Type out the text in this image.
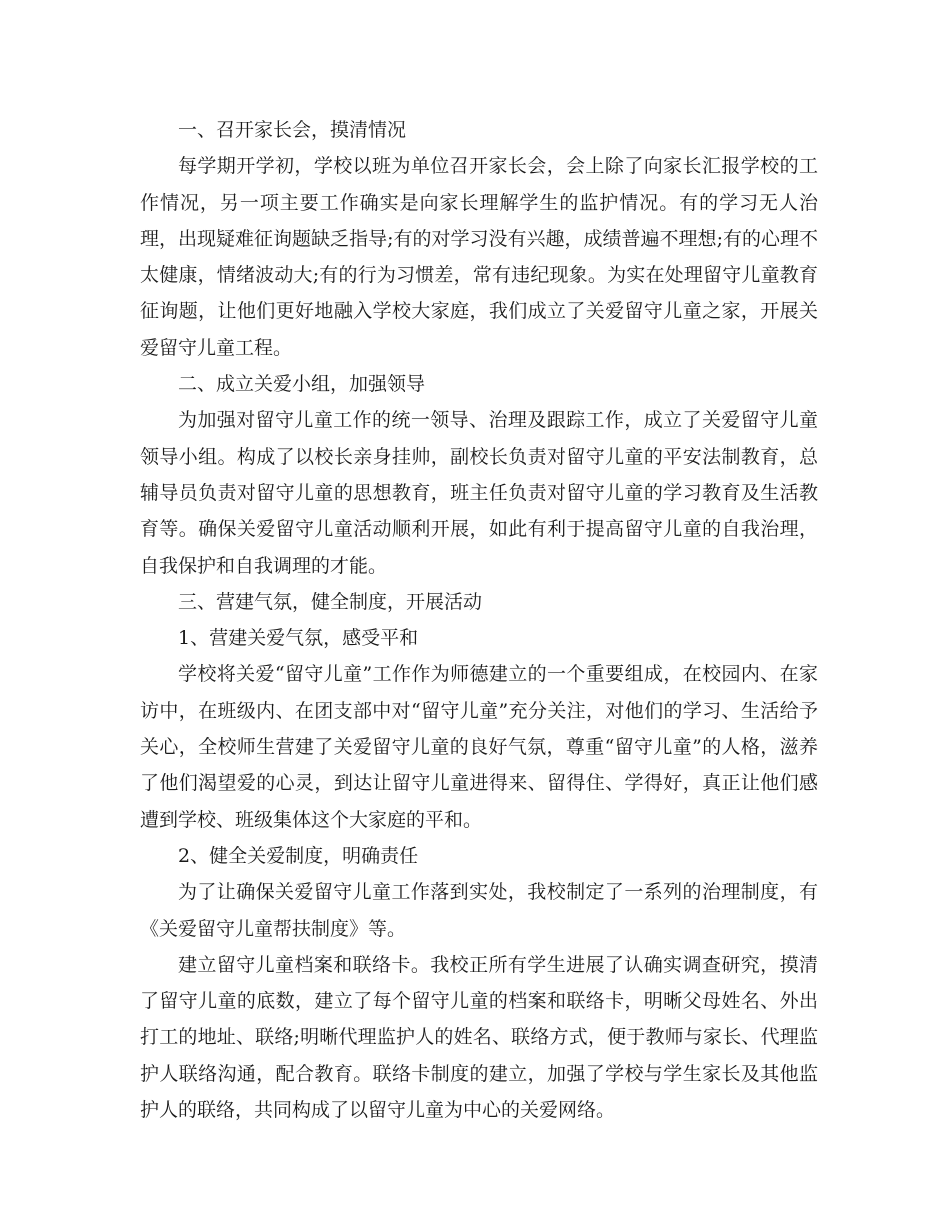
一、召开家长会，摸清情况

每学期开学初，学校以班为单位召开家长会，会上除了向家长汇报学校的工作情况，另一项主要工作确实是向家长理解学生的监护情况。有的学习无人治理，出现疑难征询题缺乏指导;有的对学习没有兴趣，成绩普遍不理想;有的心理不太健康，情绪波动大;有的行为习惯差，常有违纪现象。为实在处理留守儿童教育征询题，让他们更好地融入学校大家庭，我们成立了关爱留守儿童之家，开展关爱留守儿童工程。

二、成立关爱小组，加强领导

为加强对留守儿童工作的统一领导、治理及跟踪工作，成立了关爱留守儿童领导小组。构成了以校长亲身挂帅，副校长负责对留守儿童的平安法制教育，总辅导员负责对留守儿童的思想教育，班主任负责对留守儿童的学习教育及生活教育等。确保关爱留守儿童活动顺利开展，如此有利于提高留守儿童的自我治理，自我保护和自我调理的才能。

三、营建气氛，健全制度，开展活动

1、营建关爱气氛，感受平和

学校将关爱“留守儿童”工作作为师德建立的一个重要组成，在校园内、在家访中，在班级内、在团支部中对“留守儿童”充分关注，对他们的学习、生活给予关心，全校师生营建了关爱留守儿童的良好气氛，尊重“留守儿童”的人格，滋养了他们渴望爱的心灵，到达让留守儿童进得来、留得住、学得好，真正让他们感遭到学校、班级集体这个大家庭的平和。

2、健全关爱制度，明确责任

为了让确保关爱留守儿童工作落到实处，我校制定了一系列的治理制度，有《关爱留守儿童帮扶制度》等。

建立留守儿童档案和联络卡。我校正所有学生进展了认确实调查研究，摸清了留守儿童的底数，建立了每个留守儿童的档案和联络卡，明晰父母姓名、外出打工的地址、联络;明晰代理监护人的姓名、联络方式，便于教师与家长、代理监护人联络沟通，配合教育。联络卡制度的建立，加强了学校与学生家长及其他监护人的联络，共同构成了以留守儿童为中心的关爱网络。
